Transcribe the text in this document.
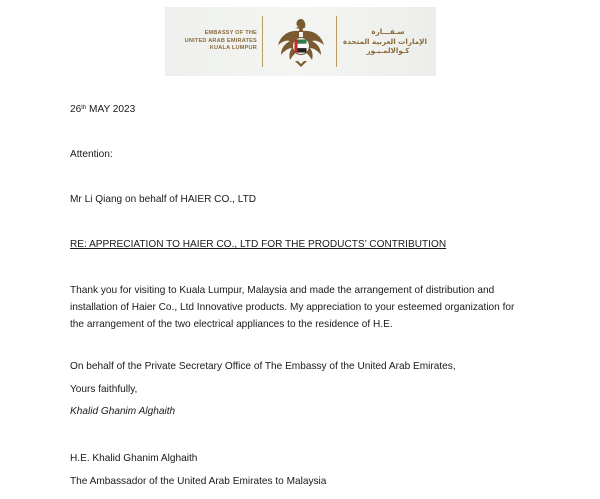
EMBASSY OF THE
UNITED ARAB EMIRATES
KUALA LUMPUR
سـفـــارة
الإمارات العربية المتحدة
كـوالالمـبـور
26th MAY 2023
Attention:
Mr Li Qiang on behalf of HAIER CO., LTD
RE: APPRECIATION TO HAIER CO., LTD FOR THE PRODUCTS’ CONTRIBUTION
Thank you for visiting to Kuala Lumpur, Malaysia and made the arrangement of distribution and installation of Haier Co., Ltd Innovative products. My appreciation to your esteemed organization for the arrangement of the two electrical appliances to the residence of H.E.
On behalf of the Private Secretary Office of The Embassy of the United Arab Emirates,
Yours faithfully,
Khalid Ghanim Alghaith
H.E. Khalid Ghanim Alghaith
The Ambassador of the United Arab Emirates to Malaysia
